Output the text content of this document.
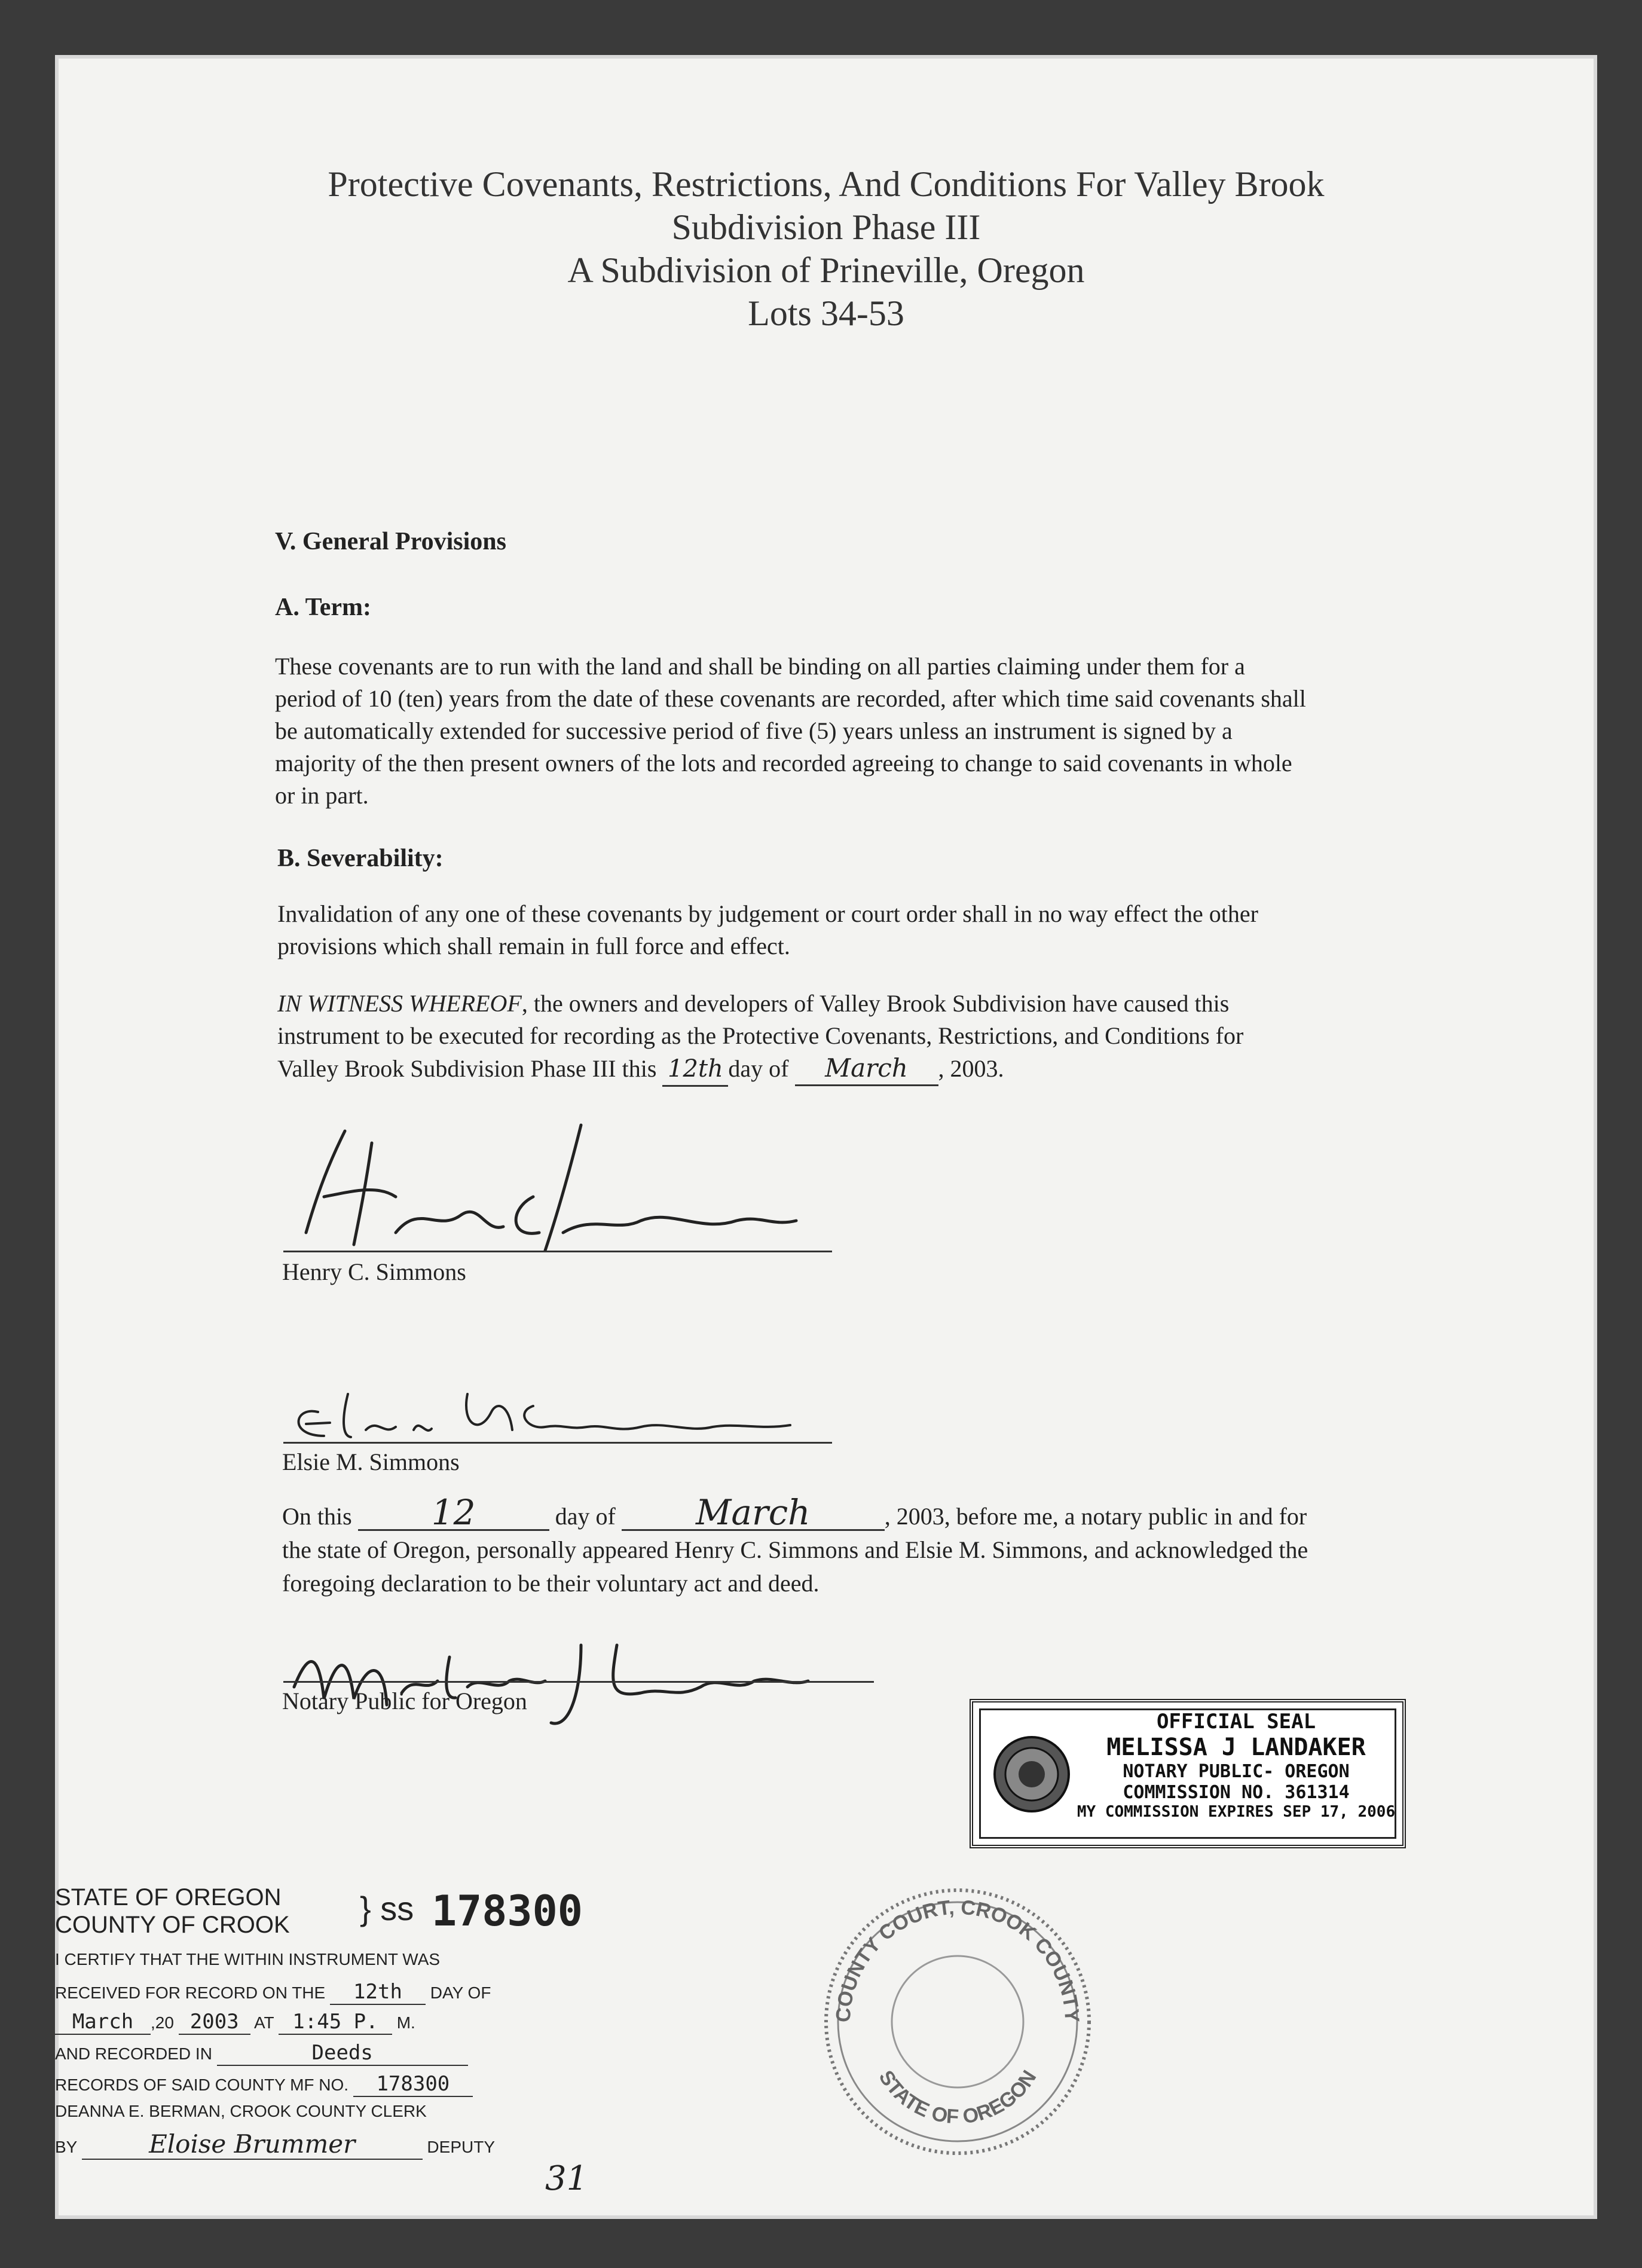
Protective Covenants, Restrictions, And Conditions For Valley Brook
Subdivision Phase III
A Subdivision of Prineville, Oregon
Lots 34-53
V. General Provisions
A. Term:
These covenants are to run with the land and shall be binding on all parties claiming under them for a
period of 10 (ten) years from the date of these covenants are recorded, after which time said covenants shall
be automatically extended for successive period of five (5) years unless an instrument is signed by a
majority of the then present owners of the lots and recorded agreeing to change to said covenants in whole
or in part.
B. Severability:
Invalidation of any one of these covenants by judgement or court order shall in no way effect the other
provisions which shall remain in full force and effect.
IN WITNESS WHEREOF, the owners and developers of Valley Brook Subdivision have caused this
instrument to be executed for recording as the Protective Covenants, Restrictions, and Conditions for
Valley Brook Subdivision Phase III this 12th day of March , 2003.
Henry C. Simmons
Elsie M. Simmons
On this 12	day of March	, 2003, before me, a notary public in and for
the state of Oregon, personally appeared Henry C. Simmons and Elsie M. Simmons, and acknowledged the
foregoing declaration to be their voluntary act and deed.
Notary Public for Oregon
OFFICIAL SEAL
MELISSA J LANDAKER
NOTARY PUBLIC- OREGON
COMMISSION NO. 361314
MY COMMISSION EXPIRES SEP 17, 2006
STATE OF OREGON
COUNTY OF CROOK } ss 178300
I CERTIFY THAT THE WITHIN INSTRUMENT WAS
RECEIVED FOR RECORD ON THE 12th DAY OF
March ,20 2003 AT 1:45 P. M.
AND RECORDED IN	Deeds
RECORDS OF SAID COUNTY MF NO. 178300
DEANNA E. BERMAN, CROOK COUNTY CLERK
BY	Eloise Brummer	DEPUTY
31
COUNTY COURT, CROOK COUNTY
STATE OF OREGON
